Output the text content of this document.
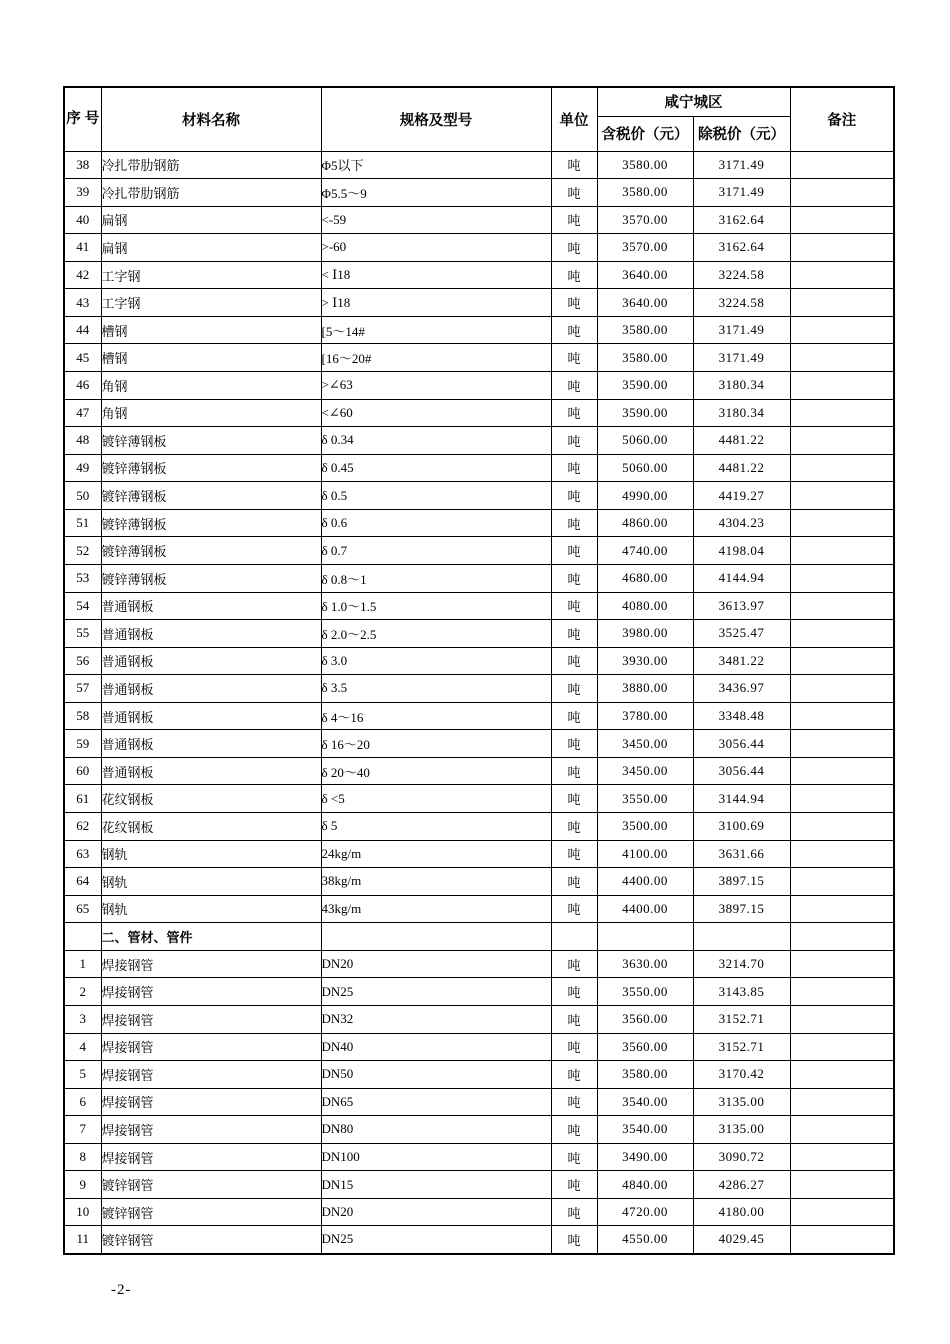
序 号	材料名称	规格及型号	单位	咸宁城区		备注
				含税价（元）	除税价（元）	
38	冷扎带肋钢筋	Φ5以下	吨	3580.00	3171.49	
39	冷扎带肋钢筋	Φ5.5～9	吨	3580.00	3171.49	
40	扁钢	<-59	吨	3570.00	3162.64	
41	扁钢	>-60	吨	3570.00	3162.64	
42	工字钢	< Ⅰ18	吨	3640.00	3224.58	
43	工字钢	> Ⅰ18	吨	3640.00	3224.58	
44	槽钢	[5～14#	吨	3580.00	3171.49	
45	槽钢	[16～20#	吨	3580.00	3171.49	
46	角钢	>∠63	吨	3590.00	3180.34	
47	角钢	<∠60	吨	3590.00	3180.34	
48	镀锌薄钢板	δ 0.34	吨	5060.00	4481.22	
49	镀锌薄钢板	δ 0.45	吨	5060.00	4481.22	
50	镀锌薄钢板	δ 0.5	吨	4990.00	4419.27	
51	镀锌薄钢板	δ 0.6	吨	4860.00	4304.23	
52	镀锌薄钢板	δ 0.7	吨	4740.00	4198.04	
53	镀锌薄钢板	δ 0.8～1	吨	4680.00	4144.94	
54	普通钢板	δ 1.0～1.5	吨	4080.00	3613.97	
55	普通钢板	δ 2.0～2.5	吨	3980.00	3525.47	
56	普通钢板	δ 3.0	吨	3930.00	3481.22	
57	普通钢板	δ 3.5	吨	3880.00	3436.97	
58	普通钢板	δ 4～16	吨	3780.00	3348.48	
59	普通钢板	δ 16～20	吨	3450.00	3056.44	
60	普通钢板	δ 20～40	吨	3450.00	3056.44	
61	花纹钢板	δ <5	吨	3550.00	3144.94	
62	花纹钢板	δ 5	吨	3500.00	3100.69	
63	钢轨	24kg/m	吨	4100.00	3631.66	
64	钢轨	38kg/m	吨	4400.00	3897.15	
65	钢轨	43kg/m	吨	4400.00	3897.15	
	二、管材、管件					
1	焊接钢管	DN20	吨	3630.00	3214.70	
2	焊接钢管	DN25	吨	3550.00	3143.85	
3	焊接钢管	DN32	吨	3560.00	3152.71	
4	焊接钢管	DN40	吨	3560.00	3152.71	
5	焊接钢管	DN50	吨	3580.00	3170.42	
6	焊接钢管	DN65	吨	3540.00	3135.00	
7	焊接钢管	DN80	吨	3540.00	3135.00	
8	焊接钢管	DN100	吨	3490.00	3090.72	
9	镀锌钢管	DN15	吨	4840.00	4286.27	
10	镀锌钢管	DN20	吨	4720.00	4180.00	
11	镀锌钢管	DN25	吨	4550.00	4029.45	
-2-
